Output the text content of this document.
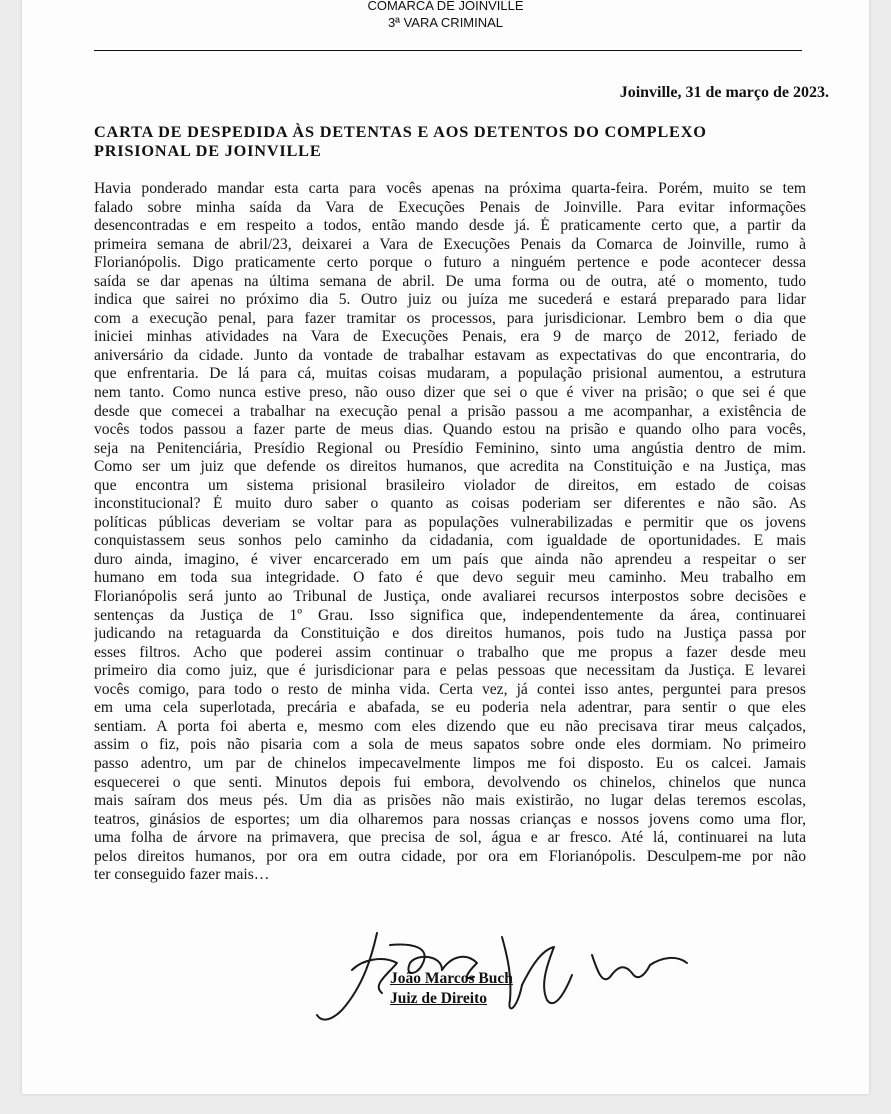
COMARCA DE JOINVILLE
3ª VARA CRIMINAL
Joinville, 31 de março de 2023.
CARTA DE DESPEDIDA ÀS DETENTAS E AOS DETENTOS DO COMPLEXO
PRISIONAL DE JOINVILLE
Havia ponderado mandar esta carta para vocês apenas na próxima quarta-feira. Porém, muito se tem
falado sobre minha saída da Vara de Execuções Penais de Joinville. Para evitar informações
desencontradas e em respeito a todos, então mando desde já. É praticamente certo que, a partir da
primeira semana de abril/23, deixarei a Vara de Execuções Penais da Comarca de Joinville, rumo à
Florianópolis. Digo praticamente certo porque o futuro a ninguém pertence e pode acontecer dessa
saída se dar apenas na última semana de abril. De uma forma ou de outra, até o momento, tudo
indica que sairei no próximo dia 5. Outro juiz ou juíza me sucederá e estará preparado para lidar
com a execução penal, para fazer tramitar os processos, para jurisdicionar. Lembro bem o dia que
iniciei minhas atividades na Vara de Execuções Penais, era 9 de março de 2012, feriado de
aniversário da cidade. Junto da vontade de trabalhar estavam as expectativas do que encontraria, do
que enfrentaria. De lá para cá, muitas coisas mudaram, a população prisional aumentou, a estrutura
nem tanto. Como nunca estive preso, não ouso dizer que sei o que é viver na prisão; o que sei é que
desde que comecei a trabalhar na execução penal a prisão passou a me acompanhar, a existência de
vocês todos passou a fazer parte de meus dias. Quando estou na prisão e quando olho para vocês,
seja na Penitenciária, Presídio Regional ou Presídio Feminino, sinto uma angústia dentro de mim.
Como ser um juiz que defende os direitos humanos, que acredita na Constituição e na Justiça, mas
que encontra um sistema prisional brasileiro violador de direitos, em estado de coisas
inconstitucional? É muito duro saber o quanto as coisas poderiam ser diferentes e não são. As
políticas públicas deveriam se voltar para as populações vulnerabilizadas e permitir que os jovens
conquistassem seus sonhos pelo caminho da cidadania, com igualdade de oportunidades. E mais
duro ainda, imagino, é viver encarcerado em um país que ainda não aprendeu a respeitar o ser
humano em toda sua integridade. O fato é que devo seguir meu caminho. Meu trabalho em
Florianópolis será junto ao Tribunal de Justiça, onde avaliarei recursos interpostos sobre decisões e
sentenças da Justiça de 1º Grau. Isso significa que, independentemente da área, continuarei
judicando na retaguarda da Constituição e dos direitos humanos, pois tudo na Justiça passa por
esses filtros. Acho que poderei assim continuar o trabalho que me propus a fazer desde meu
primeiro dia como juiz, que é jurisdicionar para e pelas pessoas que necessitam da Justiça. E levarei
vocês comigo, para todo o resto de minha vida. Certa vez, já contei isso antes, perguntei para presos
em uma cela superlotada, precária e abafada, se eu poderia nela adentrar, para sentir o que eles
sentiam. A porta foi aberta e, mesmo com eles dizendo que eu não precisava tirar meus calçados,
assim o fiz, pois não pisaria com a sola de meus sapatos sobre onde eles dormiam. No primeiro
passo adentro, um par de chinelos impecavelmente limpos me foi disposto. Eu os calcei. Jamais
esquecerei o que senti. Minutos depois fui embora, devolvendo os chinelos, chinelos que nunca
mais saíram dos meus pés. Um dia as prisões não mais existirão, no lugar delas teremos escolas,
teatros, ginásios de esportes; um dia olharemos para nossas crianças e nossos jovens como uma flor,
uma folha de árvore na primavera, que precisa de sol, água e ar fresco. Até lá, continuarei na luta
pelos direitos humanos, por ora em outra cidade, por ora em Florianópolis. Desculpem-me por não
ter conseguido fazer mais…
João Marcos Buch
Juiz de Direito
